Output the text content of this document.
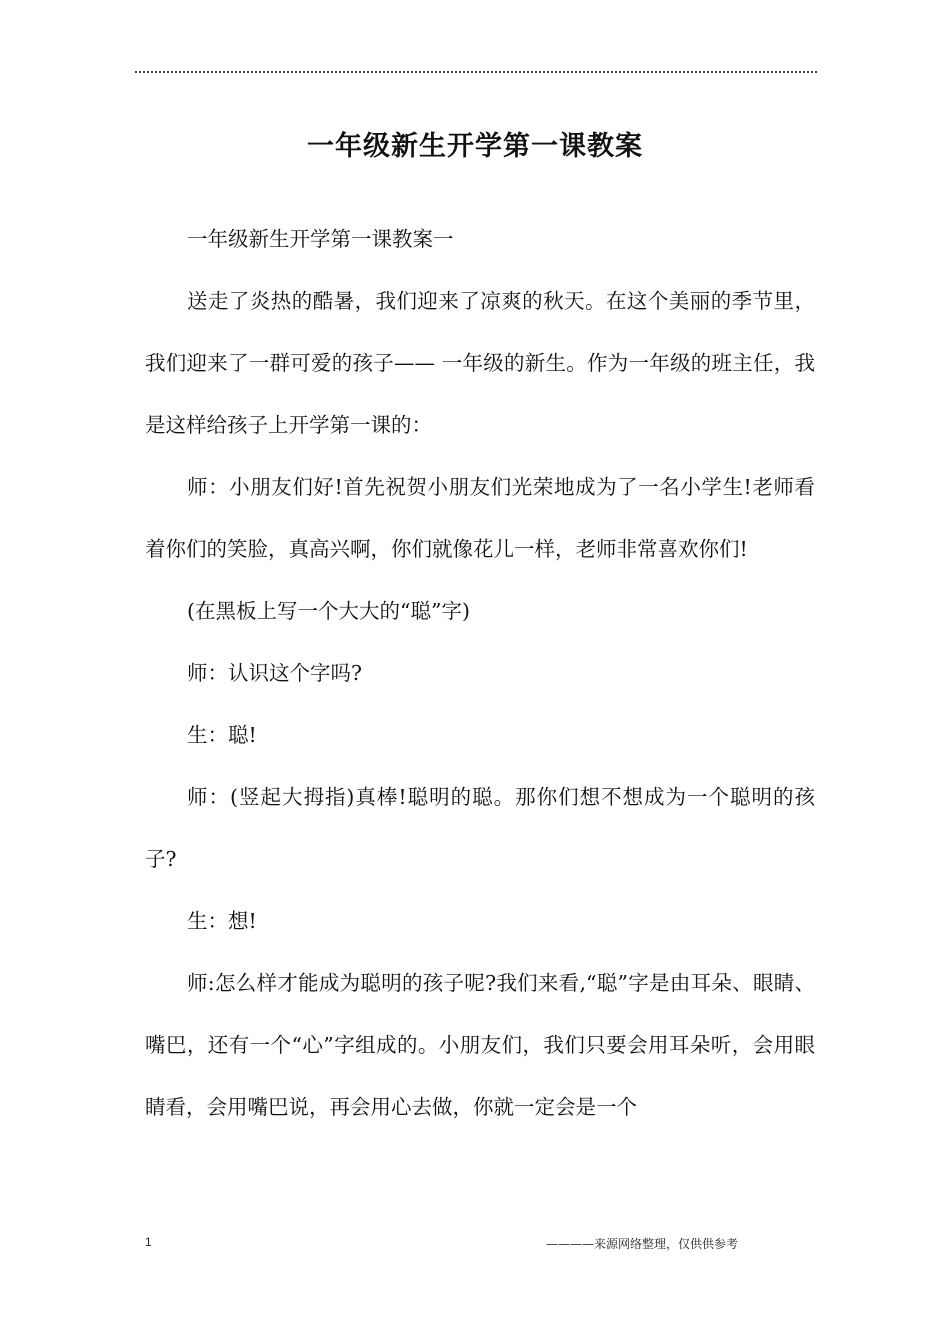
一年级新生开学第一课教案

一年级新生开学第一课教案一

送走了炎热的酷暑，我们迎来了凉爽的秋天。在这个美丽的季节里，我们迎来了一群可爱的孩子—— 一年级的新生。作为一年级的班主任，我是这样给孩子上开学第一课的：

师：小朋友们好!首先祝贺小朋友们光荣地成为了一名小学生!老师看着你们的笑脸，真高兴啊，你们就像花儿一样，老师非常喜欢你们!

(在黑板上写一个大大的“聪”字)

师：认识这个字吗?

生：聪!

师：(竖起大拇指)真棒!聪明的聪。那你们想不想成为一个聪明的孩子?

生：想!

师:怎么样才能成为聪明的孩子呢?我们来看,“聪”字是由耳朵、眼睛、嘴巴，还有一个“心”字组成的。小朋友们，我们只要会用耳朵听，会用眼睛看，会用嘴巴说，再会用心去做，你就一定会是一个

1	————来源网络整理，仅供供参考
